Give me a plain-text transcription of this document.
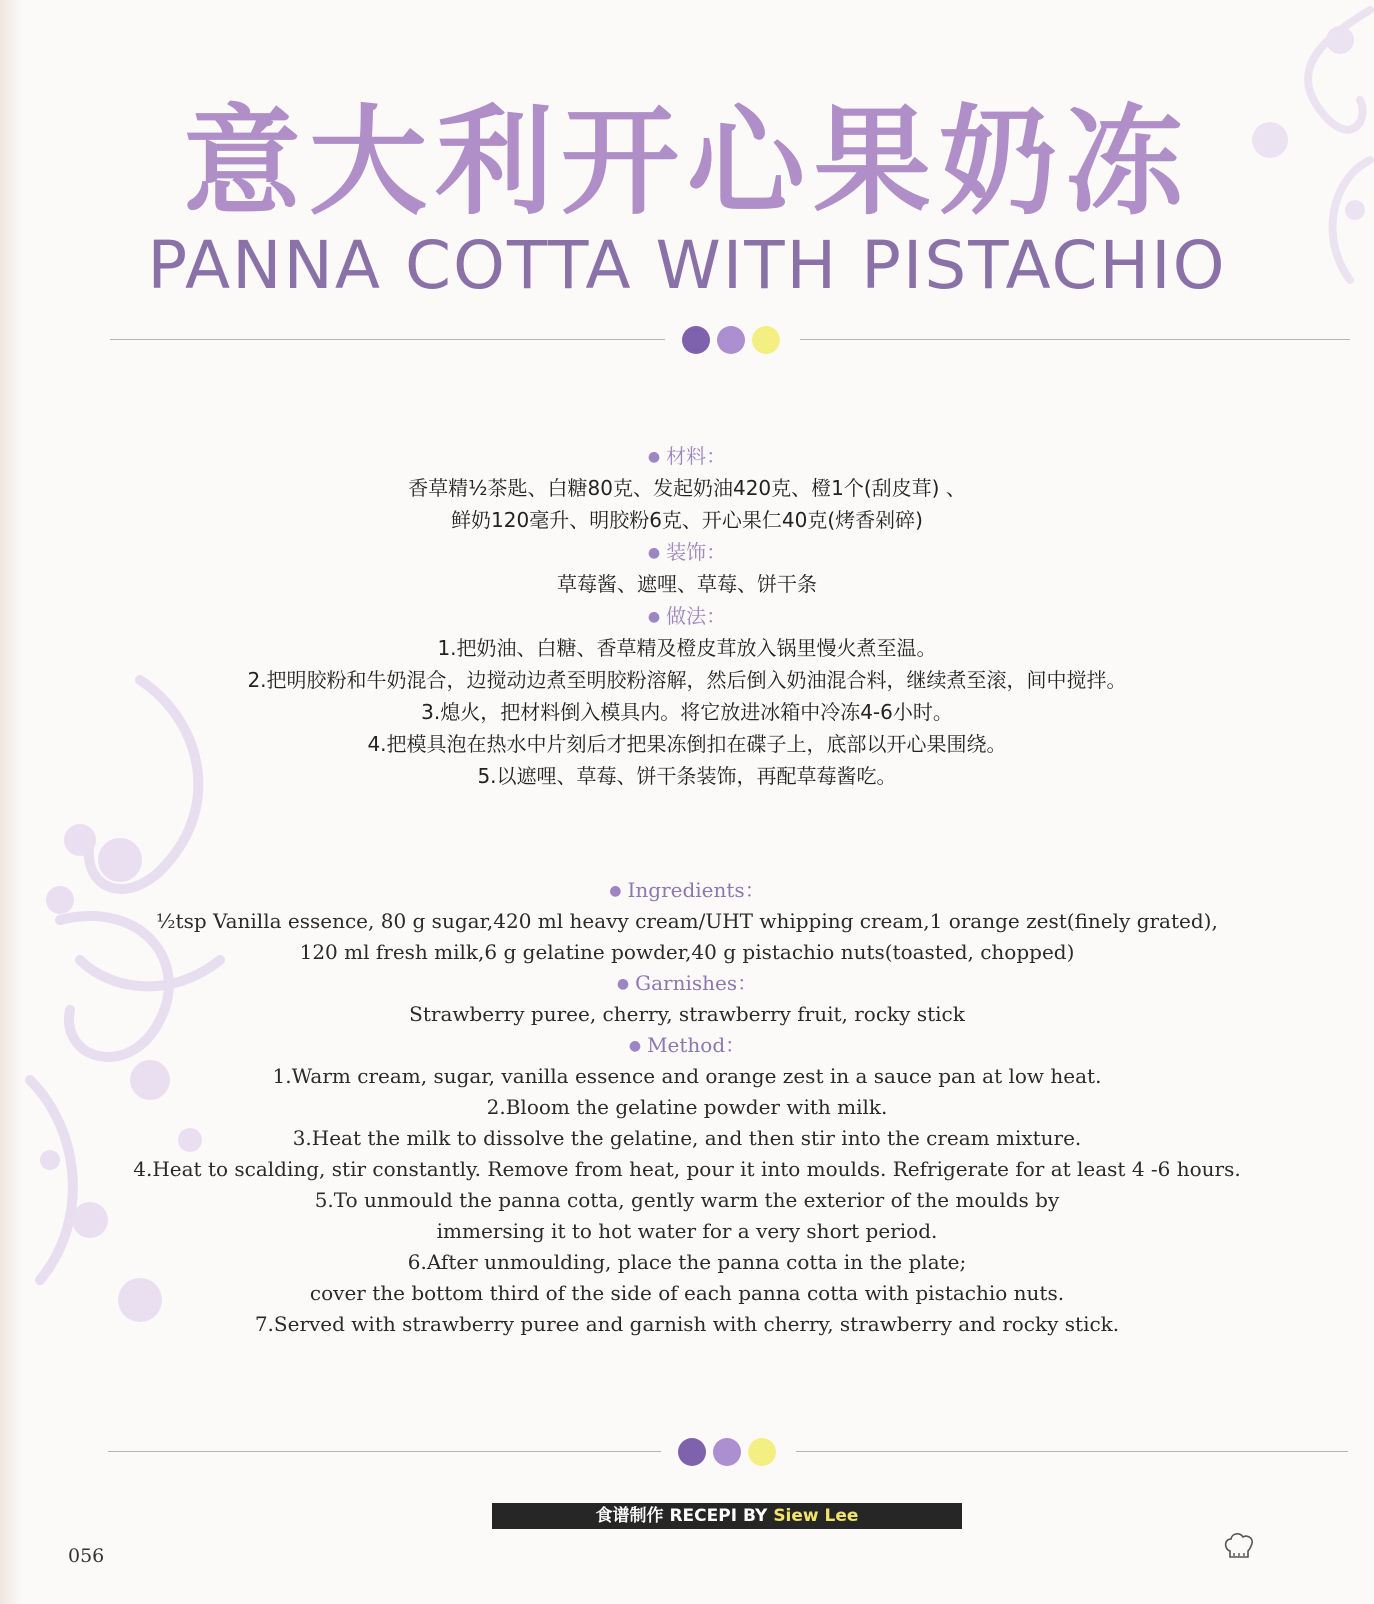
意大利开心果奶冻
PANNA COTTA WITH PISTACHIO
● 材料：
香草精½茶匙、白糖80克、发起奶油420克、橙1个(刮皮茸) 、
鲜奶120毫升、明胶粉6克、开心果仁40克(烤香剁碎)
● 装饰：
草莓酱、遮哩、草莓、饼干条
● 做法：
1.把奶油、白糖、香草精及橙皮茸放入锅里慢火煮至温。
2.把明胶粉和牛奶混合，边搅动边煮至明胶粉溶解，然后倒入奶油混合料，继续煮至滚，间中搅拌。
3.熄火，把材料倒入模具内。将它放进冰箱中冷冻4-6小时。
4.把模具泡在热水中片刻后才把果冻倒扣在碟子上，底部以开心果围绕。
5.以遮哩、草莓、饼干条装饰，再配草莓酱吃。
● Ingredients：
½tsp Vanilla essence, 80 g sugar,420 ml heavy cream/UHT whipping cream,1 orange zest(finely grated),
120 ml fresh milk,6 g gelatine powder,40 g pistachio nuts(toasted, chopped)
● Garnishes：
Strawberry puree, cherry, strawberry fruit, rocky stick
● Method：
1.Warm cream, sugar, vanilla essence and orange zest in a sauce pan at low heat.
2.Bloom the gelatine powder with milk.
3.Heat the milk to dissolve the gelatine, and then stir into the cream mixture.
4.Heat to scalding, stir constantly. Remove from heat, pour it into moulds. Refrigerate for at least 4 -6 hours.
5.To unmould the panna cotta, gently warm the exterior of the moulds by
immersing it to hot water for a very short period.
6.After unmoulding, place the panna cotta in the plate;
cover the bottom third of the side of each panna cotta with pistachio nuts.
7.Served with strawberry puree and garnish with cherry, strawberry and rocky stick.
食谱制作 RECEPI BY Siew Lee
056
